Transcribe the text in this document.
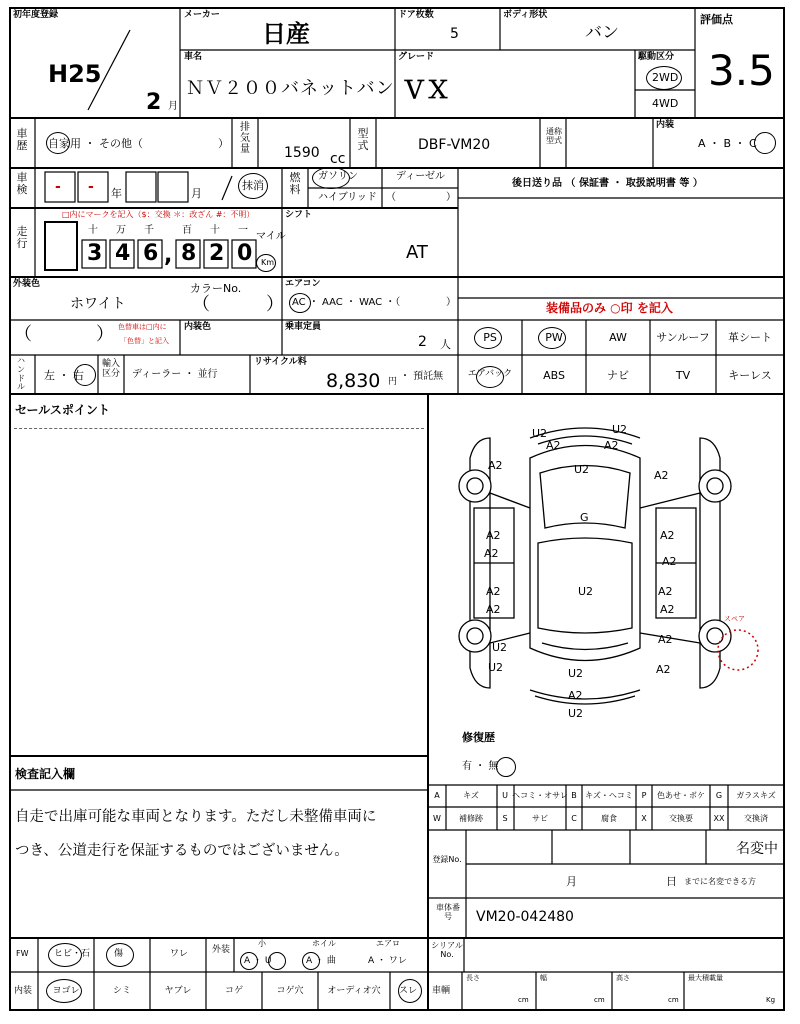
初年度登録
H25
2 月
メーカー
日産
ドア枚数
5
ボディ形状
バン
評価点
3.5
車名
ＮＶ２００バネットバン
グレード
ＶＸ
駆動区分
2WD
4WD
車歴 自家用 ・ その他（	）
排気量 1590 cc
型式	DBF-VM20
通称型式
内装
A ・ B ・ C
車検 - - 年	月
抹消
燃料
ガソリン	ディーゼル
ハイブリッド （	）
後日送り品 （ 保証書 ・ 取扱説明書 等 ）
走行
□内にマークを記入（$：交換 ＊：改ざん #：不明）
十 万 千	百 十 一
3 4 6 8 2 0
,
マイル
Km
シフト
AT
外装色
ホワイト
カラーNo.
（	）
（	） 色替車は□内に
「色替」と記入
内装色
エアコン
AC ・ AAC ・ WAC ・（	）	装備品のみ ○印 を記入
乗車定員
2 人
PS	PW	AW	サンルーフ 革シート
エアバック	ABS	ナビ	TV	キーレス
ハンドル
左 ・ 右
輸入区分 ディーラー ・ 並行
リサイクル料
8,830 円 ・ 預託無
セールスポイント
スペア
U2	U2
A2	A2
U2
A2
A2
G
A2
A2
A2
A2
A2
A2
A2
U2
A2
U2
A2
U2	U2
A2
A2
U2
修復歴
有 ・ 無
検査記入欄
自走で出庫可能な車両となります。ただし未整備車両に
つき、公道走行を保証するものではございません。
A	キズ	U ヘコミ・オサレ B キズ・ヘコミ P 色あせ・ボケ G ガラスキズ
W 補修跡 S	サビ	C	腐食	X	交換要	XX 交換済
登録No.
名変中
月	日 までに名変できる方
車体番号	VM20-042480
FW	ヒビ・石	傷	ワレ	外装
小	ホイル	エアロ
A ・ U	A ・ 曲	A ・ ワレ
シリアルNo.
内装 ヨゴレ	シミ	ヤブレ	コゲ	コゲ穴	オーディオ穴 スレ 車輌
長さ
cm
幅
cm
高さ
cm
最大積載量
Kg
